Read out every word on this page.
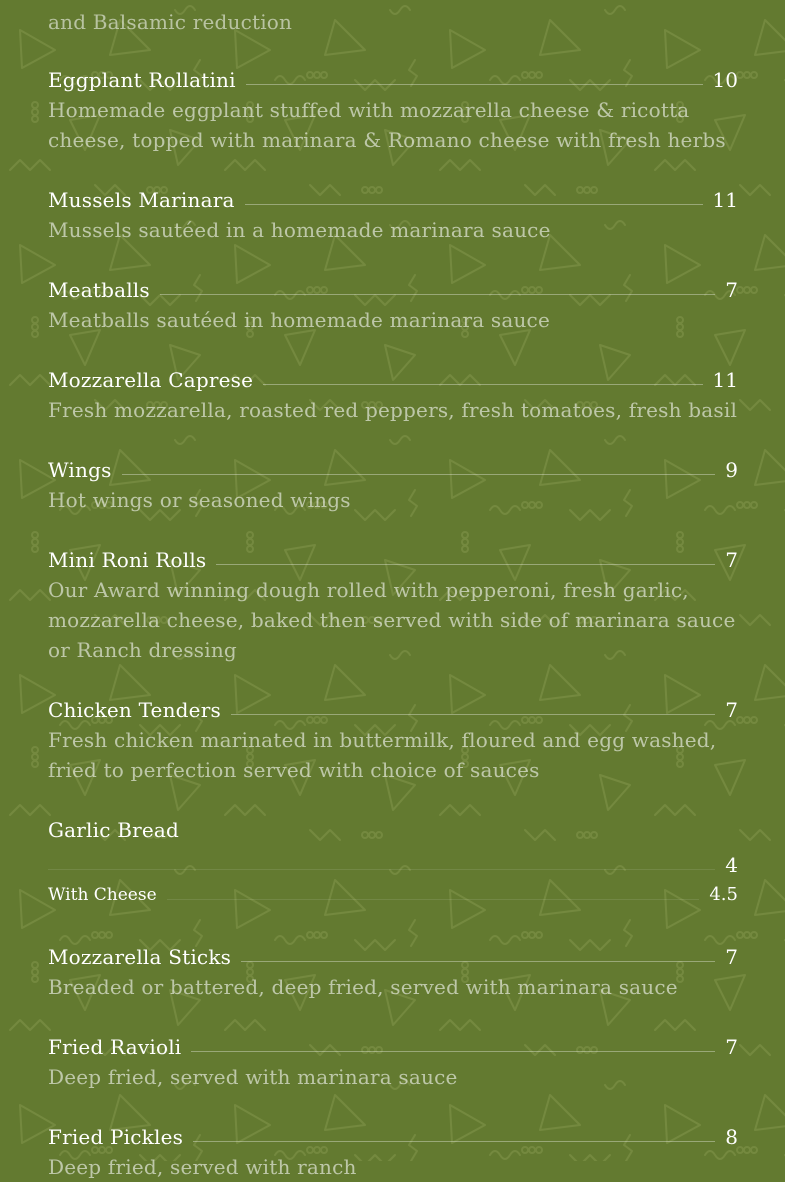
and Balsamic reduction
Eggplant Rollatini	10
Homemade eggplant stuffed with mozzarella cheese & ricotta cheese, topped with marinara & Romano cheese with fresh herbs
Mussels Marinara	11
Mussels sautéed in a homemade marinara sauce
Meatballs	7
Meatballs sautéed in homemade marinara sauce
Mozzarella Caprese	11
Fresh mozzarella, roasted red peppers, fresh tomatoes, fresh basil
Wings	9
Hot wings or seasoned wings
Mini Roni Rolls	7
Our Award winning dough rolled with pepperoni, fresh garlic, mozzarella cheese, baked then served with side of marinara sauce or Ranch dressing
Chicken Tenders	7
Fresh chicken marinated in buttermilk, floured and egg washed, fried to perfection served with choice of sauces
Garlic Bread
4
With Cheese	4.5
Mozzarella Sticks	7
Breaded or battered, deep fried, served with marinara sauce
Fried Ravioli	7
Deep fried, served with marinara sauce
Fried Pickles	8
Deep fried, served with ranch
